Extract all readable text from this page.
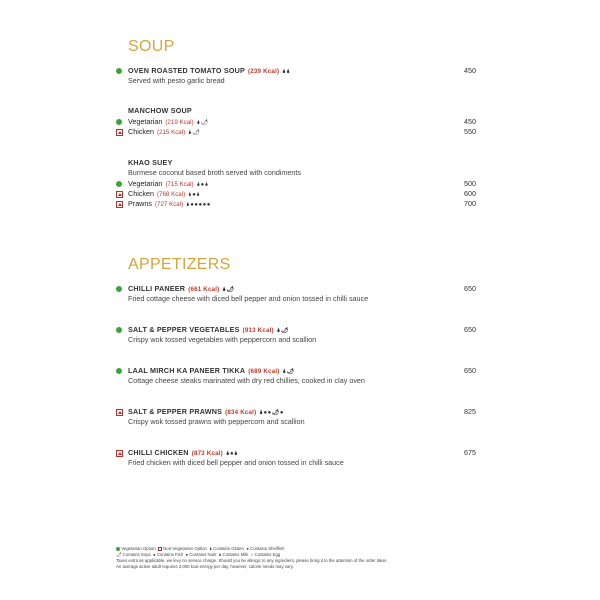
SOUP
OVEN ROASTED TOMATO SOUP (239 Kcal) 🌢🌢	450
Served with pesto garlic bread
MANCHOW SOUP
Vegetarian (219 Kcal) 🌢🌶	450
Chicken (215 Kcal) 🌢🌶	550
KHAO SUEY
Burmese coconut based broth served with condiments
Vegetarian (715 Kcal) 🌢●🌢	500
Chicken (768 Kcal) 🌢●🌢	600
Prawns (727 Kcal) 🌢●●●●●	700
APPETIZERS
CHILLI PANEER (661 Kcal) 🌢🌶	650
Fried cottage cheese with diced bell pepper and onion tossed in chilli sauce
SALT & PEPPER VEGETABLES (913 Kcal) 🌢🌶	650
Crispy wok tossed vegetables with peppercorn and scallion
LAAL MIRCH KA PANEER TIKKA (689 Kcal) 🌢🌶	650
Cottage cheese steaks marinated with dry red chillies, cooked in clay oven
SALT & PEPPER PRAWNS (834 Kcal) 🌢●●🌶●	825
Crispy wok tossed prawns with peppercorn and scallion
CHILLI CHICKEN (873 Kcal) 🌢●🌢	675
Fried chicken with diced bell pepper and onion tossed in chilli sauce
Vegetarian Option Non-Vegetarian Option 🌢 Contains Gluten ● Contains Shellfish
🌶 Contains Soya ● Contains Fish ● Contains Nuts 🌢 Contains Milk ○ Contains Egg
Taxes extra as applicable, we levy no service charge. Should you be allergic to any ingredient, please bring it to the attention of the order taker.
An average active adult requires 2,000 kcal energy per day, however, calorie needs may vary.
